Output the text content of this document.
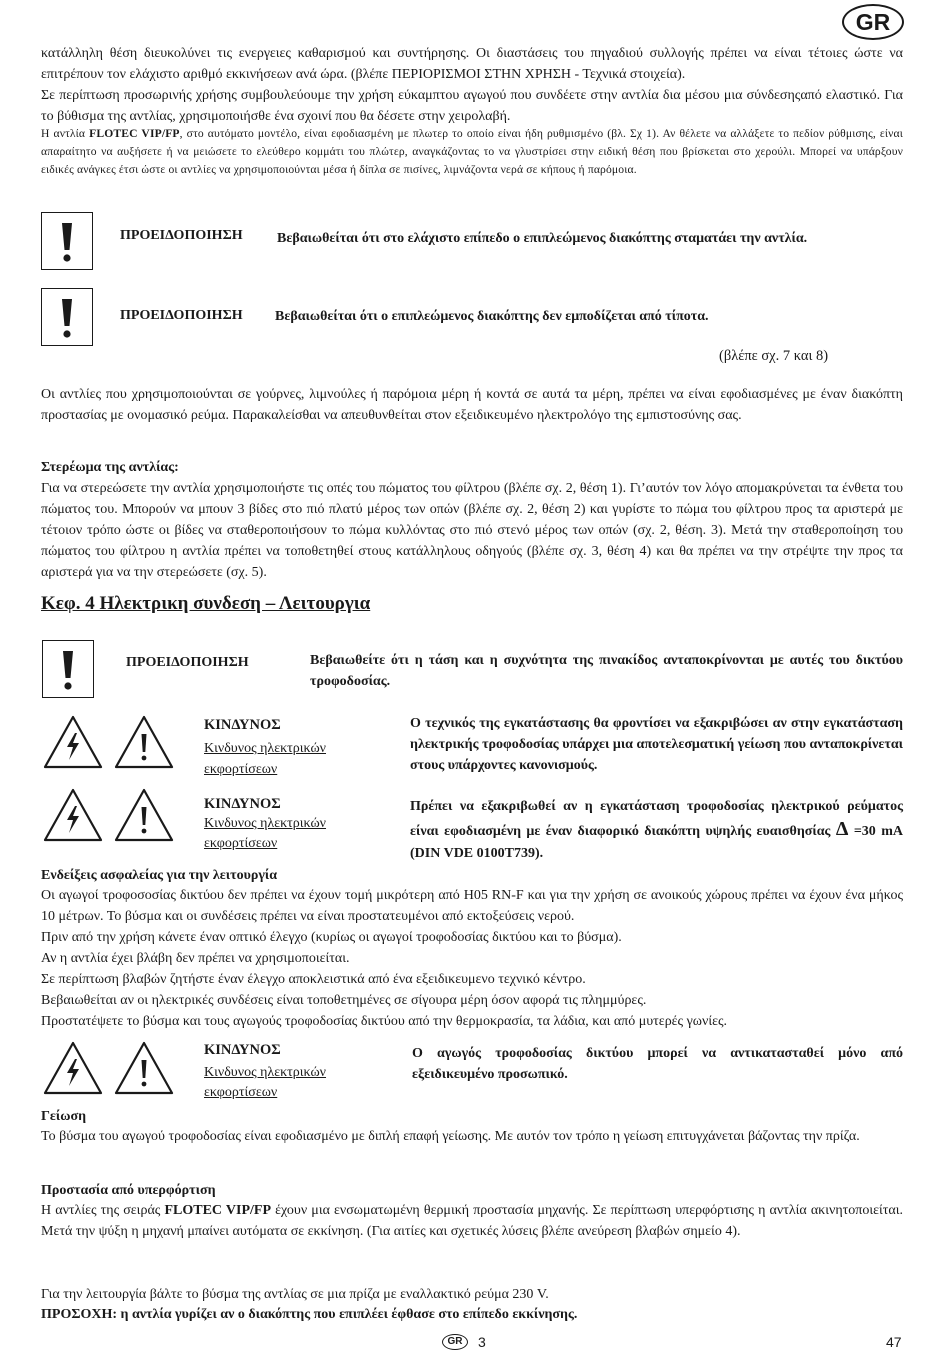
GR

κατάλληλη θέση διευκολύνει τις ενεργειες καθαρισμού και συντήρησης. Οι διαστάσεις του πηγαδιού συλλογής πρέπει να είναι τέτοιες ώστε να επιτρέπουν τον ελάχιστο αριθμό εκκινήσεων ανά ώρα. (βλέπε ΠΕΡΙΟΡΙΣΜΟΙ ΣΤΗΝ ΧΡΗΣΗ - Τεχνικά στοιχεία).

Σε περίπτωση προσωρινής χρήσης συμβουλεύουμε την χρήση εύκαμπτου αγωγού που συνδέετε στην αντλία δια μέσου μια σύνδεσηςαπό ελαστικό. Για το βύθισμα της αντλίας, χρησιμοποιήσθε ένα σχοινί που θα δέσετε στην χειρολαβή.

Η αντλία FLOTEC VIP/FP, στο αυτόματο μοντέλο, είναι εφοδιασμένη με πλωτερ το οποίο είναι ήδη ρυθμισμένο (βλ. Σχ 1). Αν θέλετε να αλλάξετε το πεδίον ρύθμισης, είναι απαραίτητο να αυξήσετε ή να μειώσετε το ελεύθερο κομμάτι του πλώτερ, αναγκάζοντας το να γλυστρίσει στην ειδική θέση που βρίσκεται στο χερούλι. Μπορεί να υπάρξουν ειδικές ανάγκες έτσι ώστε οι αντλίες να χρησιμοποιούνται μέσα ή δίπλα σε πισίνες, λιμνάζοντα νερά σε κήπους ή παρόμοια.
ΠΡΟΕΙΔΟΠΟΙΗΣΗ Βεβαιωθείται ότι στο ελάχιστο επίπεδο ο επιπλεώμενος διακόπτης σταματάει την αντλία.
ΠΡΟΕΙΔΟΠΟΙΗΣΗ Βεβαιωθείται ότι ο επιπλεώμενος διακόπτης δεν εμποδίζεται από τίποτα.
(βλέπε σχ. 7 και 8)
Οι αντλίες που χρησιμοποιούνται σε γούρνες, λιμνούλες ή παρόμοια μέρη ή κοντά σε αυτά τα μέρη, πρέπει να είναι εφοδιασμένες με έναν διακόπτη προστασίας με ονομασικό ρεύμα. Παρακαλείσθαι να απευθυνθείται στον εξειδικευμένο ηλεκτρολόγο της εμπιστοσύνης σας.
Στερέωμα της αντλίας:
Για να στερεώσετε την αντλία χρησιμοποιήστε τις οπές του πώματος του φίλτρου (βλέπε σχ. 2, θέση 1). Γι’αυτόν τον λόγο απομακρύνεται τα ένθετα του πώματος του. Μπορούν να μπουν 3 βίδες στο πιό πλατύ μέρος των οπών (βλέπε σχ. 2, θέση 2) και γυρίστε το πώμα του φίλτρου προς τα αριστερά με τέτοιον τρόπο ώστε οι βίδες να σταθεροποιήσουν το πώμα κυλλόντας στο πιό στενό μέρος των οπών (σχ. 2, θέση. 3). Μετά την σταθεροποίηση του πώματος του φίλτρου η αντλία πρέπει να τοποθετηθεί στους κατάλληλους οδηγούς (βλέπε σχ. 3, θέση 4) και θα πρέπει να την στρέψτε την προς τα αριστερά για να την στερεώσετε (σχ. 5).
Κεφ. 4 Ηλεκτρικη συνδεση – Λειτουργια
ΠΡΟΕΙΔΟΠΟΙΗΣΗ	Βεβαιωθείτε ότι η τάση και η συχνότητα της πινακίδος ανταποκρίνονται με αυτές του δικτύου τροφοδοσίας.
ΚΙΝΔΥΝΟΣ
Κινδυνος ηλεκτρικών
εκφορτίσεων
Ο τεχνικός της εγκατάστασης θα φροντίσει να εξακριβώσει αν στην εγκατάσταση ηλεκτρικής τροφοδοσίας υπάρχει μια αποτελεσματική γείωση που ανταποκρίνεται στους υπάρχοντες κανονισμούς.
ΚΙΝΔΥΝΟΣ
Κινδυνος ηλεκτρικών
εκφορτίσεων
Πρέπει να εξακριβωθεί αν η εγκατάσταση τροφοδοσίας ηλεκτρικού ρεύματος είναι εφοδιασμένη με έναν διαφορικό διακόπτη υψηλής ευαισθησίας Δ =30 mA (DIN VDE 0100T739).
Ενδείξεις ασφαλείας για την λειτουργία

Οι αγωγοί τροφοσοσίας δικτύου δεν πρέπει να έχουν τομή μικρότερη από H05 RN-F και για την χρήση σε ανοικούς χώρους πρέπει να έχουν ένα μήκος 10 μέτρων. Το βύσμα και οι συνδέσεις πρέπει να είναι προστατευμένοι από εκτοξεύσεις νερού.

Πριν από την χρήση κάνετε έναν οπτικό έλεγχο (κυρίως οι αγωγοί τροφοδοσίας δικτύου και το βύσμα).

Αν η αντλία έχει βλάβη δεν πρέπει να χρησιμοποιείται.

Σε περίπτωση βλαβών ζητήστε έναν έλεγχο αποκλειστικά από ένα εξειδικευμενο τεχνικό κέντρο.

Βεβαιωθείται αν οι ηλεκτρικές συνδέσεις είναι τοποθετημένες σε σίγουρα μέρη όσον αφορά τις πλημμύρες.

Προστατέψετε το βύσμα και τους αγωγούς τροφοδοσίας δικτύου από την θερμοκρασία, τα λάδια, και από μυτερές γωνίες.

ΚΙΝΔΥΝΟΣ
Κινδυνος ηλεκτρικών
εκφορτίσεων
Ο αγωγός τροφοδοσίας δικτύου μπορεί να αντικατασταθεί μόνο από εξειδικευμένο προσωπικό.
Γείωση
Το βύσμα του αγωγού τροφοδοσίας είναι εφοδιασμένο με διπλή επαφή γείωσης. Με αυτόν τον τρόπο η γείωση επιτυγχάνεται βάζοντας την πρίζα.
Προστασία από υπερφόρτιση
Η αντλίες της σειράς FLOTEC VIP/FP έχουν μια ενσωματωμένη θερμική προστασία μηχανής. Σε περίπτωση υπερφόρτισης η αντλία ακινητοποιείται. Μετά την ψύξη η μηχανή μπαίνει αυτόματα σε εκκίνηση. (Για αιτίες και σχετικές λύσεις βλέπε ανεύρεση βλαβών σημείο 4).
Για την λειτουργία βάλτε το βύσμα της αντλίας σε μια πρίζα με εναλλακτικό ρεύμα 230 V.
ΠΡΟΣΟΧΗ: η αντλία γυρίζει αν ο διακόπτης που επιπλέει έφθασε στο επίπεδο εκκίνησης.
GR 3	47
